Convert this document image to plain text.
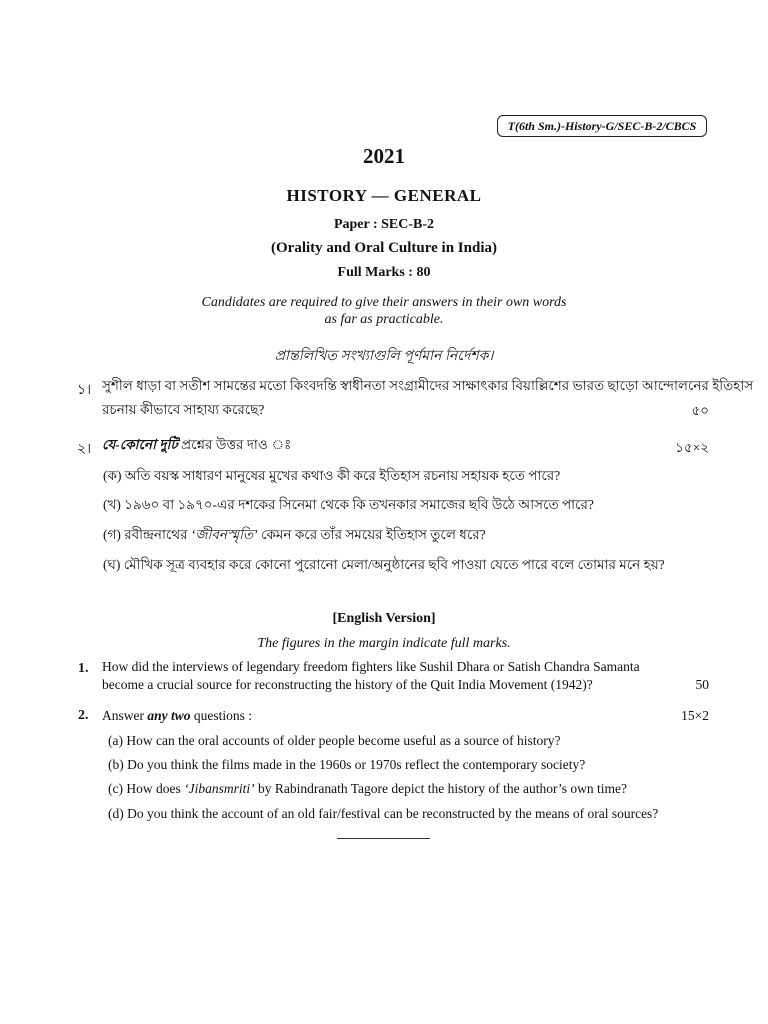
T(6th Sm.)-History-G/SEC-B-2/CBCS
2021
HISTORY — GENERAL
Paper : SEC-B-2
(Orality and Oral Culture in India)
Full Marks : 80
Candidates are required to give their answers in their own words
as far as practicable.
প্রান্তলিখিত সংখ্যাগুলি পূর্ণমান নির্দেশক।
১। সুশীল ধাড়া বা সতীশ সামন্তের মতো কিংবদন্তি স্বাধীনতা সংগ্রামীদের সাক্ষাৎকার বিয়াল্লিশের ভারত ছাড়ো আন্দোলনের ইতিহাস
রচনায় কীভাবে সাহায্য করেছে?	৫০
২। যে-কোনো দুটি প্রশ্নের উত্তর দাও ঃ	১৫×২
(ক) অতি বয়স্ক সাধারণ মানুষের মুখের কথাও কী করে ইতিহাস রচনায় সহায়ক হতে পারে?
(খ) ১৯৬০ বা ১৯৭০-এর দশকের সিনেমা থেকে কি তখনকার সমাজের ছবি উঠে আসতে পারে?
(গ) রবীন্দ্রনাথের ‘জীবনস্মৃতি’ কেমন করে তাঁর সময়ের ইতিহাস তুলে ধরে?
(ঘ) মৌখিক সূত্র ব্যবহার করে কোনো পুরোনো মেলা/অনুষ্ঠানের ছবি পাওয়া যেতে পারে বলে তোমার মনে হয়?
[English Version]
The figures in the margin indicate full marks.
1. How did the interviews of legendary freedom fighters like Sushil Dhara or Satish Chandra Samanta
become a crucial source for reconstructing the history of the Quit India Movement (1942)?	50
2. Answer any two questions :	15×2
(a) How can the oral accounts of older people become useful as a source of history?
(b) Do you think the films made in the 1960s or 1970s reflect the contemporary society?
(c) How does ‘Jibansmriti’ by Rabindranath Tagore depict the history of the author’s own time?
(d) Do you think the account of an old fair/festival can be reconstructed by the means of oral sources?
